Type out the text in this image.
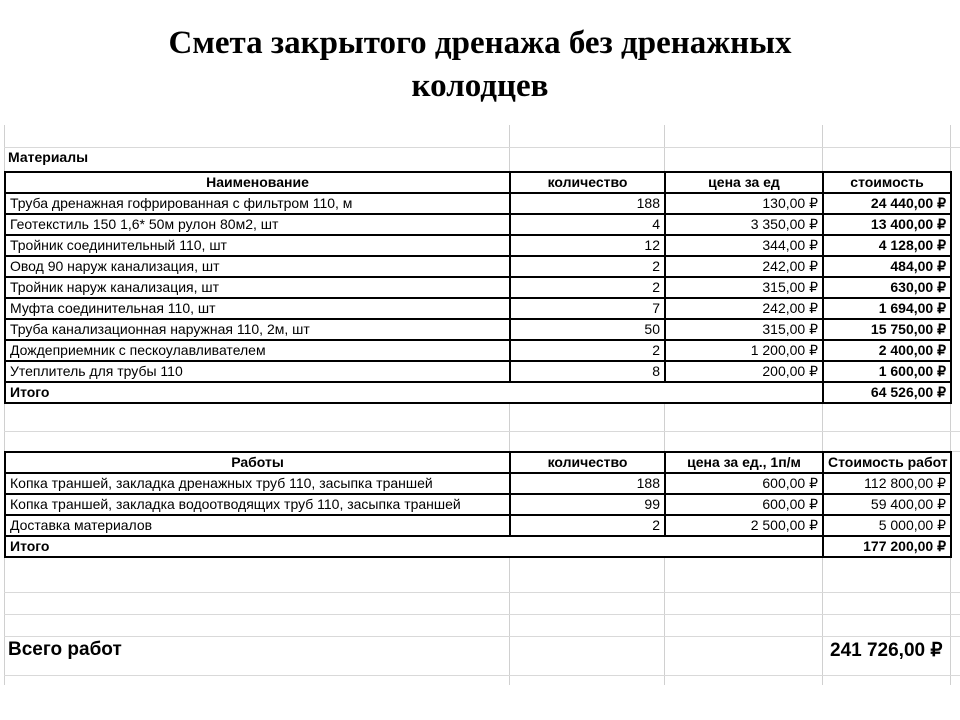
Смета закрытого дренажа без дренажных
колодцев
Материалы
Наименование	количество	цена за ед	стоимость
Труба дренажная гофрированная с фильтром 110, м	188	130,00 ₽	24 440,00 ₽
Геотекстиль 150 1,6* 50м рулон 80м2, шт	4	3 350,00 ₽	13 400,00 ₽
Тройник соединительный 110, шт	12	344,00 ₽	4 128,00 ₽
Овод 90 наруж канализация, шт	2	242,00 ₽	484,00 ₽
Тройник наруж канализация, шт	2	315,00 ₽	630,00 ₽
Муфта соединительная 110, шт	7	242,00 ₽	1 694,00 ₽
Труба канализационная наружная 110, 2м, шт	50	315,00 ₽	15 750,00 ₽
Дождеприемник с пескоулавливателем	2	1 200,00 ₽	2 400,00 ₽
Утеплитель для трубы 110	8	200,00 ₽	1 600,00 ₽
Итого			64 526,00 ₽
Работы	количество	цена за ед., 1п/м	Стоимость работ
Копка траншей, закладка дренажных труб 110, засыпка траншей	188	600,00 ₽	112 800,00 ₽
Копка траншей, закладка водоотводящих труб 110, засыпка траншей	99	600,00 ₽	59 400,00 ₽
Доставка материалов	2	2 500,00 ₽	5 000,00 ₽
Итого			177 200,00 ₽
Всего работ	241 726,00 ₽
